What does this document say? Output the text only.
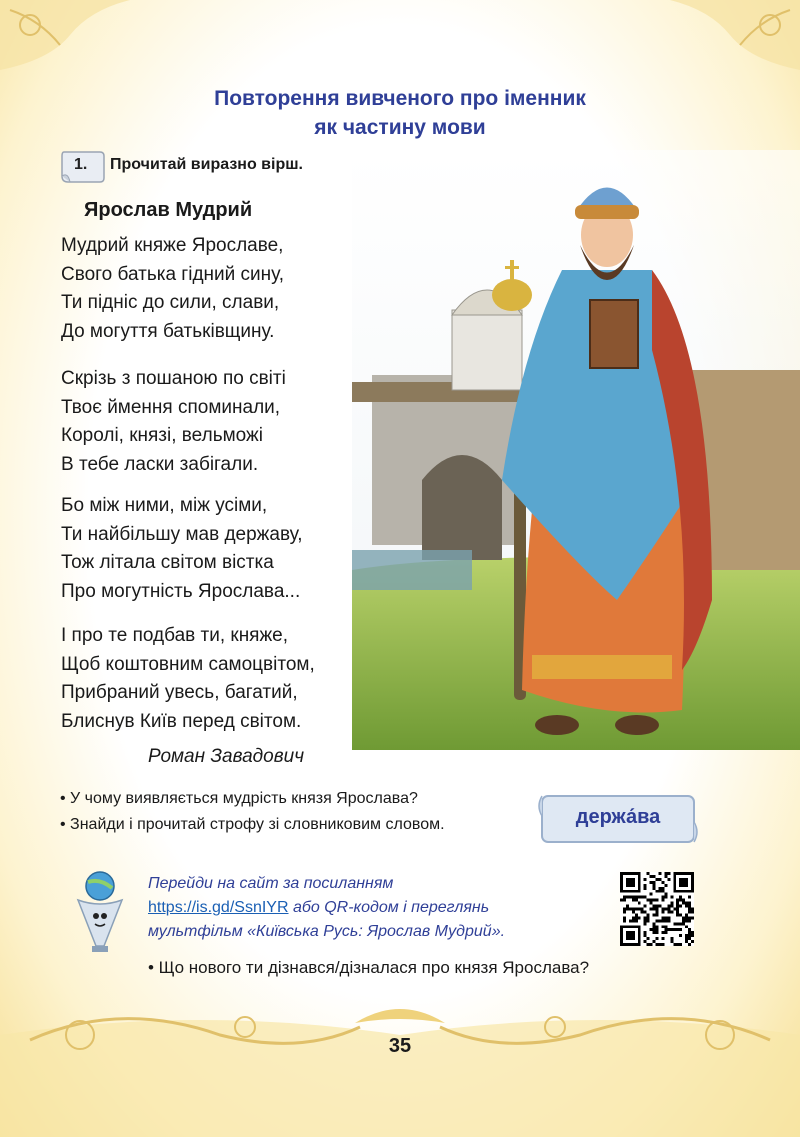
Повторення вивченого про іменник
як частину мови
1. Прочитай виразно вірш.
Ярослав Мудрий
Мудрий княже Ярославе,
Свого батька гідний сину,
Ти підніс до сили, слави,
До могуття батьківщину.
Скрізь з пошаною по світі
Твоє ймення споминали,
Королі, князі, вельможі
В тебе ласки забігали.
Бо між ними, між усіми,
Ти найбільшу мав державу,
Тож літала світом вістка
Про могутність Ярослава...
І про те подбав ти, княже,
Щоб коштовним самоцвітом,
Прибраний увесь, багатий,
Блиснув Київ перед світом.
Роман Завадович
• У чому виявляється мудрість князя Ярослава?
• Знайди і прочитай строфу зі словниковим словом.	держа́ва
Перейди на сайт за посиланням
https://is.gd/SsnIYR або QR-кодом і переглянь
мультфільм «Київська Русь: Ярослав Мудрий».
• Що нового ти дізнався/дізналася про князя Ярослава?
35
